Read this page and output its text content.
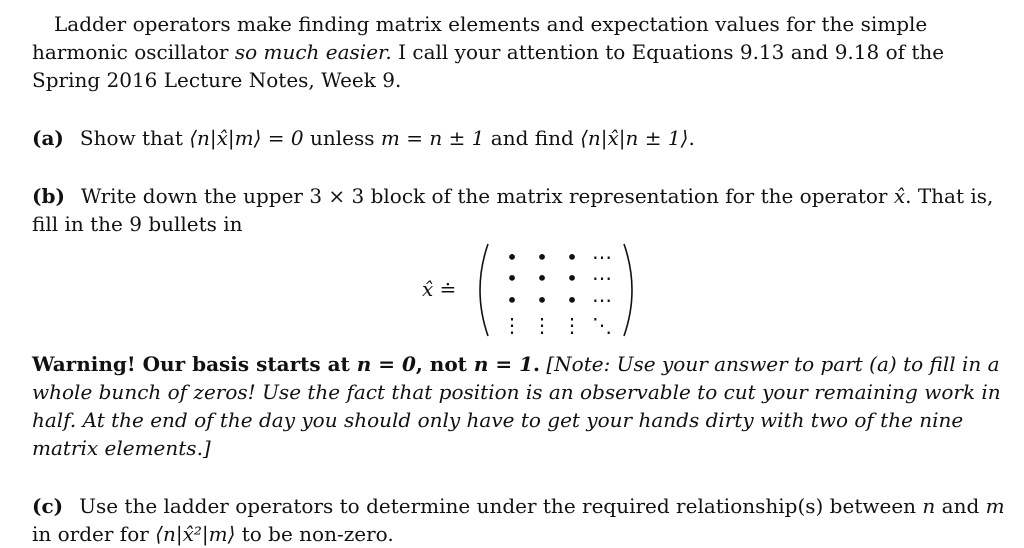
Ladder operators make finding matrix elements and expectation values for the simple harmonic oscillator so much easier. I call your attention to Equations 9.13 and 9.18 of the Spring 2016 Lecture Notes, Week 9.

(a) Show that ⟨n|x̂|m⟩ = 0 unless m = n ± 1 and find ⟨n|x̂|n ± 1⟩.

(b) Write down the upper 3 × 3 block of the matrix representation for the operator x̂. That is, fill in the 9 bullets in

x̂ ≐
• • • ⋯
• • • ⋯
• • • ⋯
⋮ ⋮ ⋮ ⋱

Warning! Our basis starts at n = 0, not n = 1. [Note: Use your answer to part (a) to fill in a whole bunch of zeros! Use the fact that position is an observable to cut your remaining work in half. At the end of the day you should only have to get your hands dirty with two of the nine matrix elements.]

(c) Use the ladder operators to determine under the required relationship(s) between n and m in order for ⟨n|x̂²|m⟩ to be non-zero.
